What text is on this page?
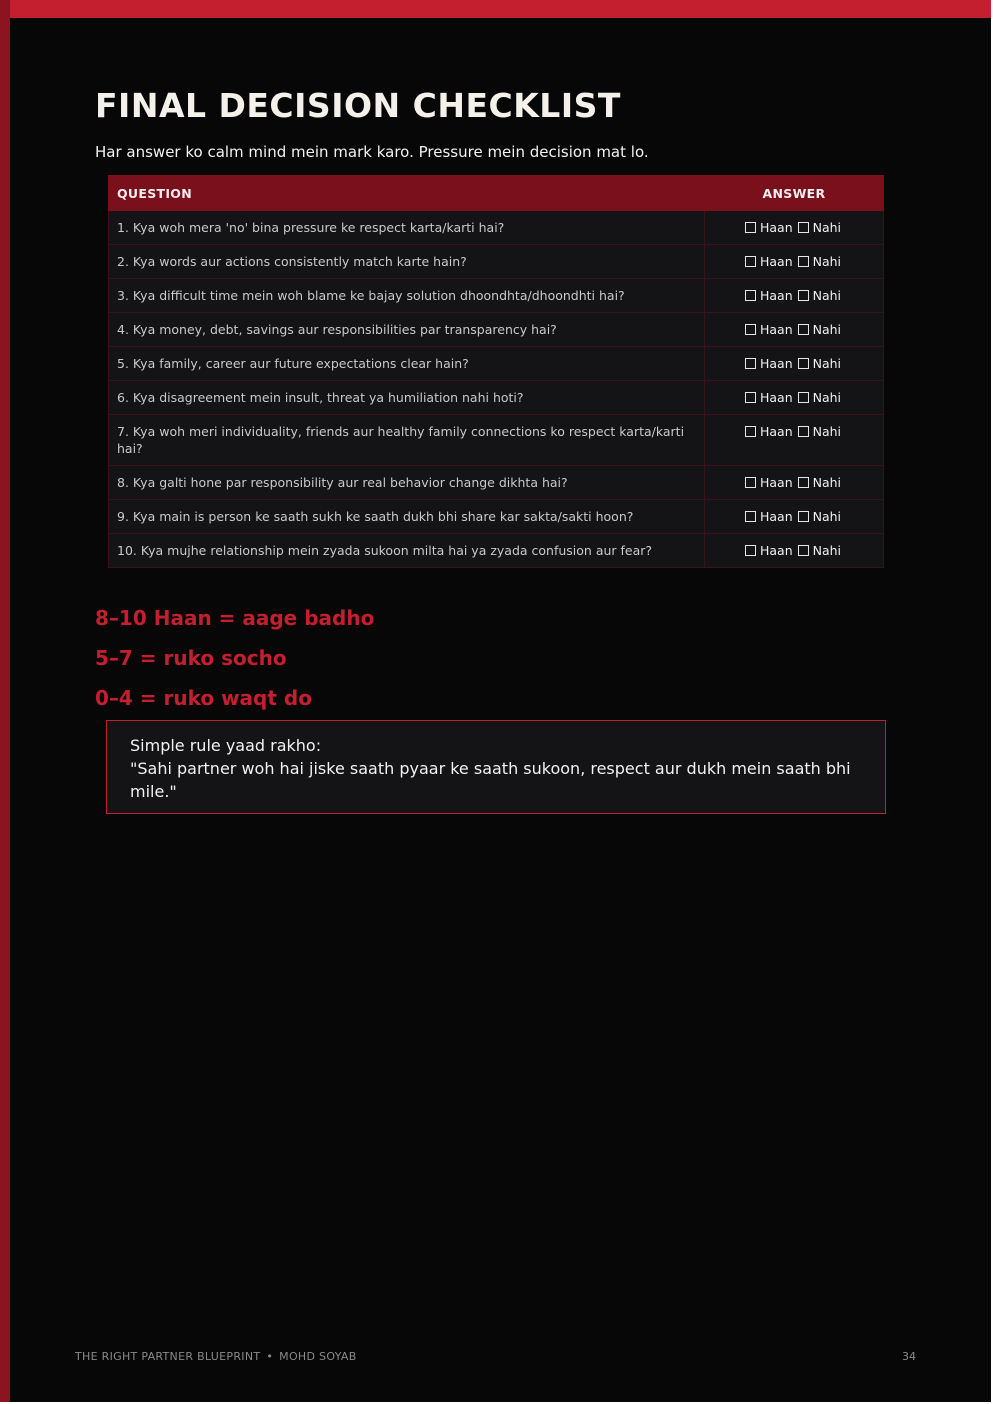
FINAL DECISION CHECKLIST
Har answer ko calm mind mein mark karo. Pressure mein decision mat lo.
QUESTION	ANSWER
1. Kya woh mera 'no' bina pressure ke respect karta/karti hai?	Haan Nahi
2. Kya words aur actions consistently match karte hain?	Haan Nahi
3. Kya difficult time mein woh blame ke bajay solution dhoondhta/dhoondhti hai?	Haan Nahi
4. Kya money, debt, savings aur responsibilities par transparency hai?	Haan Nahi
5. Kya family, career aur future expectations clear hain?	Haan Nahi
6. Kya disagreement mein insult, threat ya humiliation nahi hoti?	Haan Nahi
7. Kya woh meri individuality, friends aur healthy family connections ko respect karta/karti hai?	Haan Nahi
8. Kya galti hone par responsibility aur real behavior change dikhta hai?	Haan Nahi
9. Kya main is person ke saath sukh ke saath dukh bhi share kar sakta/sakti hoon?	Haan Nahi
10. Kya mujhe relationship mein zyada sukoon milta hai ya zyada confusion aur fear?	Haan Nahi
8–10 Haan = aage badho
5–7 = ruko socho
0–4 = ruko waqt do

Simple rule yaad rakho:

"Sahi partner woh hai jiske saath pyaar ke saath sukoon, respect aur dukh mein saath bhi mile."

THE RIGHT PARTNER BLUEPRINT • MOHD SOYAB	34
